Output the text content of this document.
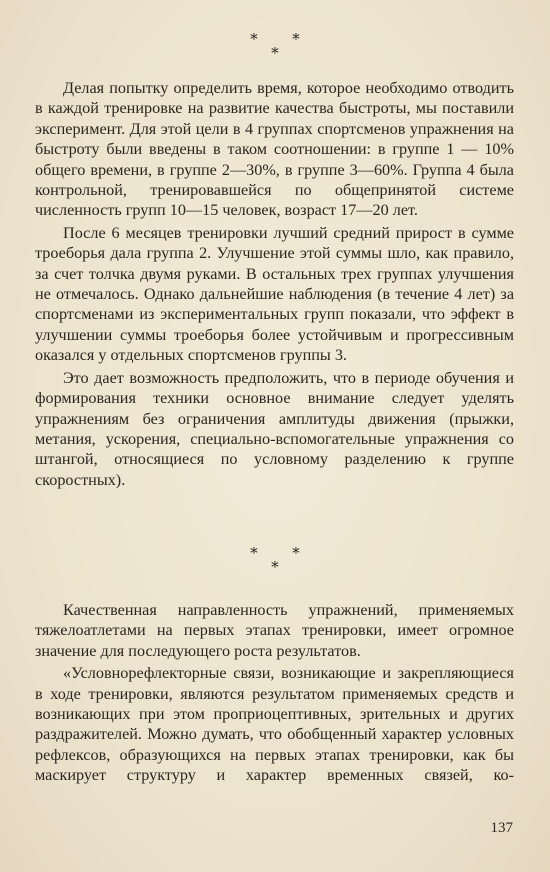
∗ ∗
∗

Делая попытку определить время, которое необходимо отводить в каждой тренировке на развитие качества быстроты, мы поставили эксперимент. Для этой цели в 4 группах спортсменов упражнения на быстроту были введены в таком соотношении: в группе 1 — 10% общего времени, в группе 2—30%, в группе 3—60%. Группа 4 была контрольной, тренировавшейся по общепринятой системе численность групп 10—15 человек, возраст 17—20 лет.

После 6 месяцев тренировки лучший средний прирост в сумме троеборья дала группа 2. Улучшение этой суммы шло, как правило, за счет толчка двумя руками. В остальных трех группах улучшения не отмечалось. Однако дальнейшие наблюдения (в течение 4 лет) за спортсменами из экспериментальных групп показали, что эффект в улучшении суммы троеборья более устойчивым и прогрессивным оказался у отдельных спортсменов группы 3.

Это дает возможность предположить, что в периоде обучения и формирования техники основное внимание следует уделять упражнениям без ограничения амплитуды движения (прыжки, метания, ускорения, специально-вспомогательные упражнения со штангой, относящиеся по условному разделению к группе скоростных).

∗ ∗
∗

Качественная направленность упражнений, применяемых тяжелоатлетами на первых этапах тренировки, имеет огромное значение для последующего роста результатов.

«Условнорефлекторные связи, возникающие и закрепляющиеся в ходе тренировки, являются результатом применяемых средств и возникающих при этом проприоцептивных, зрительных и других раздражителей. Можно думать, что обобщенный характер условных рефлексов, образующихся на первых этапах тренировки, как бы маскирует структуру и характер временных связей, ко-

137
